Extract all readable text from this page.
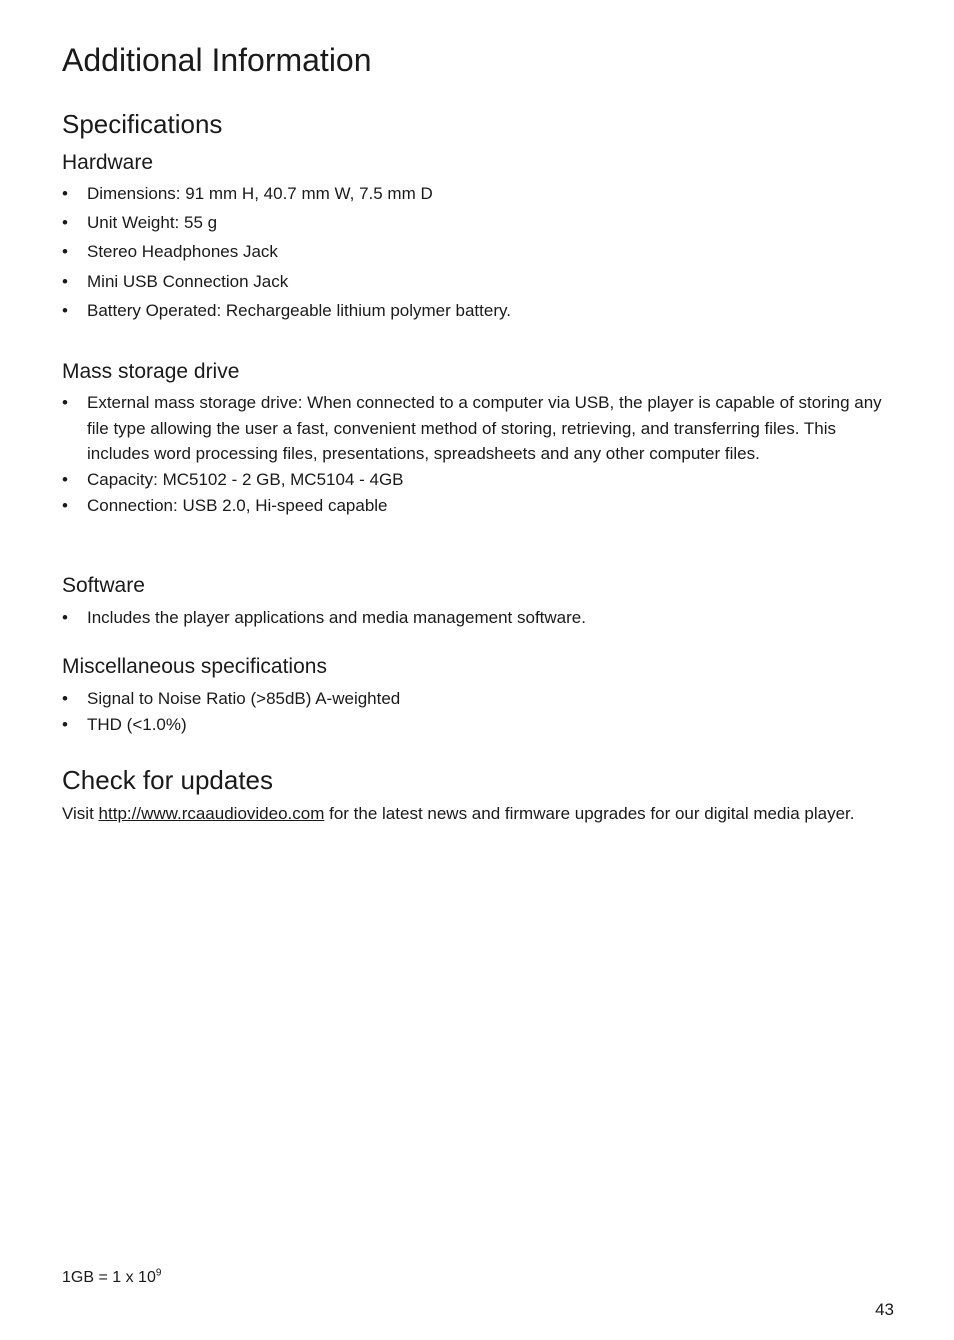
Additional Information
Specifications
Hardware
• Dimensions: 91 mm H, 40.7 mm W, 7.5 mm D
• Unit Weight: 55 g
• Stereo Headphones Jack
• Mini USB Connection Jack
• Battery Operated: Rechargeable lithium polymer battery.
Mass storage drive
• External mass storage drive: When connected to a computer via USB, the player is capable of storing any file type allowing the user a fast, convenient method of storing, retrieving, and transferring files. This includes word processing files, presentations, spreadsheets and any other computer files.
• Capacity: MC5102 - 2 GB, MC5104 - 4GB
• Connection: USB 2.0, Hi-speed capable
Software
• Includes the player applications and media management software.
Miscellaneous specifications
• Signal to Noise Ratio (>85dB) A-weighted
• THD (<1.0%)
Check for updates

Visit http://www.rcaaudiovideo.com for the latest news and firmware upgrades for our digital media player.

1GB = 1 x $10^9$
43
